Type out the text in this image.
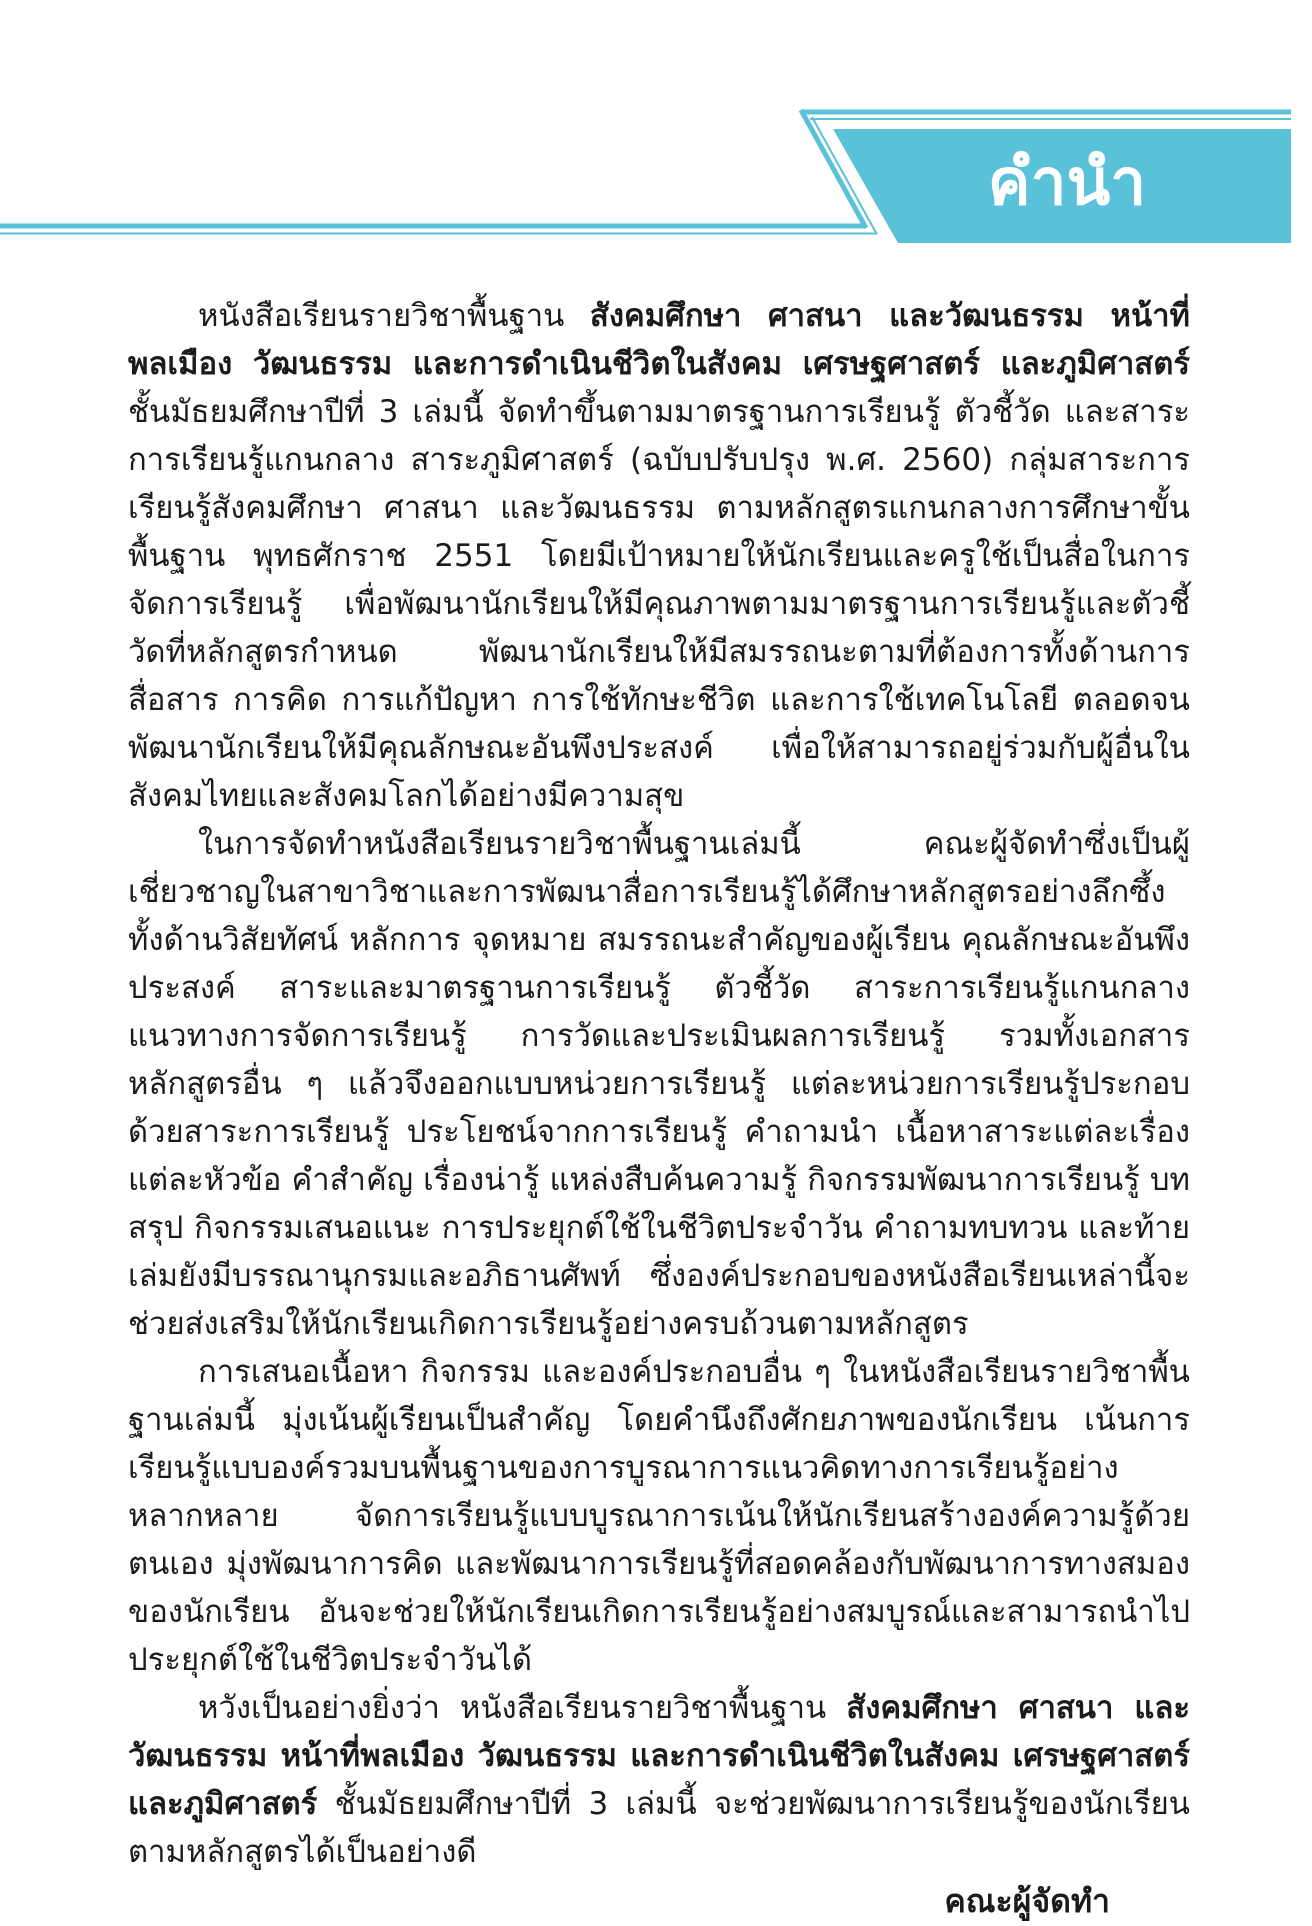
คำนำ

หนังสือเรียนรายวิชาพื้นฐาน สังคมศึกษา ศาสนา และวัฒนธรรม หน้าที่พลเมือง วัฒนธรรม และการดำเนินชีวิตในสังคม เศรษฐศาสตร์ และภูมิศาสตร์ ชั้นมัธยมศึกษาปีที่ 3 เล่มนี้ จัดทำขึ้นตามมาตรฐานการเรียนรู้ ตัวชี้วัด และสาระการเรียนรู้แกนกลาง สาระภูมิศาสตร์ (ฉบับปรับปรุง พ.ศ. 2560) กลุ่มสาระการเรียนรู้สังคมศึกษา ศาสนา และวัฒนธรรม ตามหลักสูตรแกนกลางการศึกษาขั้นพื้นฐาน พุทธศักราช 2551 โดยมีเป้าหมายให้นักเรียนและครูใช้เป็นสื่อในการจัดการเรียนรู้ เพื่อพัฒนานักเรียนให้มีคุณภาพตามมาตรฐานการเรียนรู้และตัวชี้วัดที่หลักสูตรกำหนด พัฒนานักเรียนให้มีสมรรถนะตามที่ต้องการทั้งด้านการสื่อสาร การคิด การแก้ปัญหา การใช้ทักษะชีวิต และการใช้เทคโนโลยี ตลอดจนพัฒนานักเรียนให้มีคุณลักษณะอันพึงประสงค์ เพื่อให้สามารถอยู่ร่วมกับผู้อื่นในสังคมไทยและสังคมโลกได้อย่างมีความสุข

ในการจัดทำหนังสือเรียนรายวิชาพื้นฐานเล่มนี้ คณะผู้จัดทำซึ่งเป็นผู้เชี่ยวชาญในสาขาวิชาและการพัฒนาสื่อการเรียนรู้ได้ศึกษาหลักสูตรอย่างลึกซึ้ง ทั้งด้านวิสัยทัศน์ หลักการ จุดหมาย สมรรถนะสำคัญของผู้เรียน คุณลักษณะอันพึงประสงค์ สาระและมาตรฐานการเรียนรู้ ตัวชี้วัด สาระการเรียนรู้แกนกลาง แนวทางการจัดการเรียนรู้ การวัดและประเมินผลการเรียนรู้ รวมทั้งเอกสารหลักสูตรอื่น ๆ แล้วจึงออกแบบหน่วยการเรียนรู้ แต่ละหน่วยการเรียนรู้ประกอบด้วยสาระการเรียนรู้ ประโยชน์จากการเรียนรู้ คำถามนำ เนื้อหาสาระแต่ละเรื่องแต่ละหัวข้อ คำสำคัญ เรื่องน่ารู้ แหล่งสืบค้นความรู้ กิจกรรมพัฒนาการเรียนรู้ บทสรุป กิจกรรมเสนอแนะ การประยุกต์ใช้ในชีวิตประจำวัน คำถามทบทวน และท้ายเล่มยังมีบรรณานุกรมและอภิธานศัพท์ ซึ่งองค์ประกอบของหนังสือเรียนเหล่านี้จะช่วยส่งเสริมให้นักเรียนเกิดการเรียนรู้อย่างครบถ้วนตามหลักสูตร

การเสนอเนื้อหา กิจกรรม และองค์ประกอบอื่น ๆ ในหนังสือเรียนรายวิชาพื้นฐานเล่มนี้ มุ่งเน้นผู้เรียนเป็นสำคัญ โดยคำนึงถึงศักยภาพของนักเรียน เน้นการเรียนรู้แบบองค์รวมบนพื้นฐานของการบูรณาการแนวคิดทางการเรียนรู้อย่างหลากหลาย จัดการเรียนรู้แบบบูรณาการเน้นให้นักเรียนสร้างองค์ความรู้ด้วยตนเอง มุ่งพัฒนาการคิด และพัฒนาการเรียนรู้ที่สอดคล้องกับพัฒนาการทางสมองของนักเรียน อันจะช่วยให้นักเรียนเกิดการเรียนรู้อย่างสมบูรณ์และสามารถนำไปประยุกต์ใช้ในชีวิตประจำวันได้

หวังเป็นอย่างยิ่งว่า หนังสือเรียนรายวิชาพื้นฐาน สังคมศึกษา ศาสนา และวัฒนธรรม หน้าที่พลเมือง วัฒนธรรม และการดำเนินชีวิตในสังคม เศรษฐศาสตร์ และภูมิศาสตร์ ชั้นมัธยมศึกษาปีที่ 3 เล่มนี้ จะช่วยพัฒนาการเรียนรู้ของนักเรียนตามหลักสูตรได้เป็นอย่างดี

คณะผู้จัดทำ
